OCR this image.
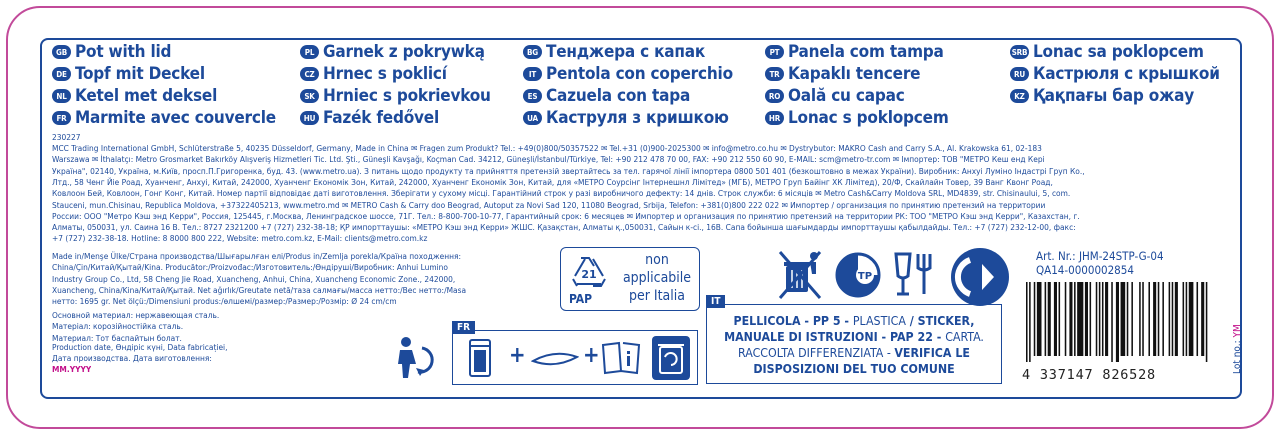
GB Pot with lid
DE Topf mit Deckel
NL Ketel met deksel
FR Marmite avec couvercle
PL Garnek z pokrywką
CZ Hrnec s poklicí
SK Hrniec s pokrievkou
HU Fazék fedővel
BG Тенджера с капак
IT Pentola con coperchio
ES Cazuela con tapa
UA Каструля з кришкою
PT Panela com tampa
TR Kapaklı tencere
RO Oală cu capac
HR Lonac s poklopcem
SRB Lonac sa poklopcem
RU Кастрюля с крышкой
KZ Қақпағы бар ожау
230227
MCC Trading International GmbH, Schlüterstraße 5, 40235 Düsseldorf, Germany, Made in China ✉ Fragen zum Produkt? Tel.: +49(0)800/50357522 ✉ Tel.+31 (0)900-2025300 ✉ info@metro.co.hu ✉ Dystrybutor: MAKRO Cash and Carry S.A., Al. Krakowska 61, 02-183
Warszawa ✉ İthalatçı: Metro Grosmarket Bakırköy Alışveriş Hizmetleri Tic. Ltd. Şti., Güneşli Kavşağı, Koçman Cad. 34212, Güneşli/İstanbul/Türkiye, Tel: +90 212 478 70 00, FAX: +90 212 550 60 90, E-MAIL: scm@metro-tr.com ✉ Імпортер: ТОВ "МЕТРО Кеш енд Кері
Україна", 02140, Україна, м.Київ, просп.П.Григоренка, буд. 43. (www.metro.ua). З питань щодо продукту та прийняття претензій звертайтесь за тел. гарячої лінії імпортера 0800 501 401 (безкоштовно в межах України). Виробник: Анхуі Луміно Індастрі Груп Ко.,
Лтд., 58 Ченг Йіе Роад, Хуанченг, Анхуі, Китай, 242000, Хуанченг Економік Зон, Китай, 242000, Хуанченг Економік Зон, Китай, для «МЕТРО Соурсінг Інтернешнл Лімітед» (МГБ), МЕТРО Груп Байінг ХК Лімітед), 20/Ф, Скайлайн Товер, 39 Ванг Квонг Роад,
Ковлоон Бей, Ковлоон, Гонг Конг, Китай. Номер партії відповідає даті виготовлення. Зберігати у сухому місці. Гарантійний строк у разі виробничого дефекту: 14 днів. Строк служби: 6 місяців ✉ Metro Cash&Carry Moldova SRL, MD4839, str. Chisinaului, 5, com.
Stauceni, mun.Chisinau, Republica Moldova, +37322405213, www.metro.md ✉ METRO Cash & Carry doo Beograd, Autoput za Novi Sad 120, 11080 Beograd, Srbija, Telefon: +381(0)800 222 022 ✉ Импортер / организация по принятию претензий на территории
России: ООО "Метро Кэш энд Керри", Россия, 125445, г.Москва, Ленинградское шоссе, 71Г. Тел.: 8-800-700-10-77, Гарантийный срок: 6 месяцев ✉ Импортер и организация по принятию претензий на территории РК: ТОО "МЕТРО Кэш энд Керри", Казахстан, г.
Алматы, 050031, ул. Саина 16 В. Тел.: 8727 2321200 +7 (727) 232-38-18; ҚР импорттаушы: «МЕТРО Кэш энд Керри» ЖШС. Қазақстан, Алматы қ.,050031, Сайын к-сі., 16В. Сапа бойынша шағымдарды импорттаушы қабылдайды. Тел.: +7 (727) 232-12-00, факс:
+7 (727) 232-38-18. Hotline: 8 8000 800 222, Website: metro.com.kz, E-Mail: clients@metro.com.kz
Made in/Menşe Ülke/Страна производства/Шығарылған елі/Produs in/Zemlja porekla/Країна походження:
China/Çin/Китай/Қытай/Kina. Producător:/Proizvođac:/Изготовитель:/Өндіруші/Виробник: Anhui Lumino
Industry Group Co., Ltd, 58 Cheng Jie Road, Xuancheng, Anhui, China, Xuancheng Economic Zone., 242000,
Xuancheng, China/Kina/Китай/Қытай. Net ağırlık/Greutate netă/таза салмағы/масса нетто:/Вес нетто:/Masa
нетто: 1695 gr. Net ölçü:/Dimensiuni produs:/өлшемі/размер:/Размер:/Розмір: Ø 24 cm/cm
Основной материал: нержавеющая сталь.
Матеріал: корозійностійка сталь.
Материал: Тот баспайтын болат.
Production date, Өндіріс күні, Data fabricației,
Дата производства. Дата виготовлення:
MM.YYYY
21
PAP
non
applicabile
per Italia
TP
Art. Nr.: JHM-24STP-G-04
QA14-0000002854
IT
PELLICOLA - PP 5 - PLASTICA / STICKER,
MANUALE DI ISTRUZIONI - PAP 22 - CARTA.
RACCOLTA DIFFERENZIATA - VERIFICA LE
DISPOSIZIONI DEL TUO COMUNE
FR
+	+
4 337147 826528
Lot no.: YM
